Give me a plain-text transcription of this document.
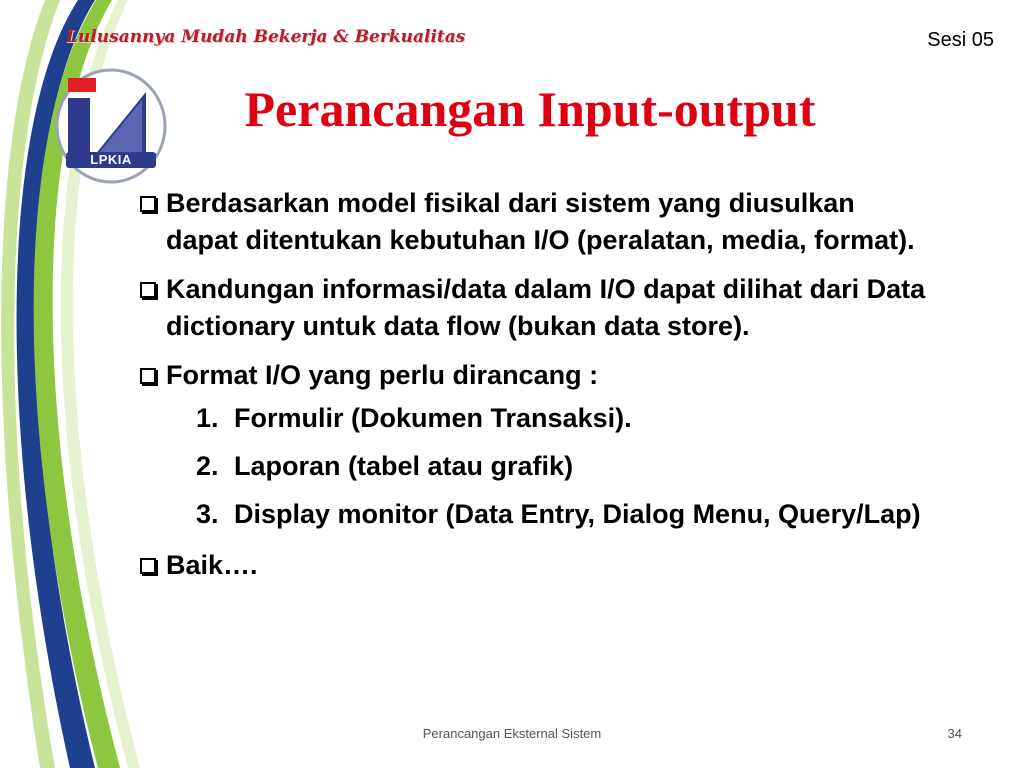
Lulusannya Mudah Bekerja & Berkualitas	Sesi 05
LPKIA
Perancangan Input-output
Berdasarkan model fisikal dari sistem yang diusulkan dapat ditentukan kebutuhan I/O (peralatan, media, format).
Kandungan informasi/data dalam I/O dapat dilihat dari Data dictionary untuk data flow (bukan data store).
Format I/O yang perlu dirancang :
1. Formulir (Dokumen Transaksi).
2. Laporan (tabel atau grafik)
3. Display monitor (Data Entry, Dialog Menu, Query/Lap)
Baik….
Perancangan Eksternal Sistem	34
